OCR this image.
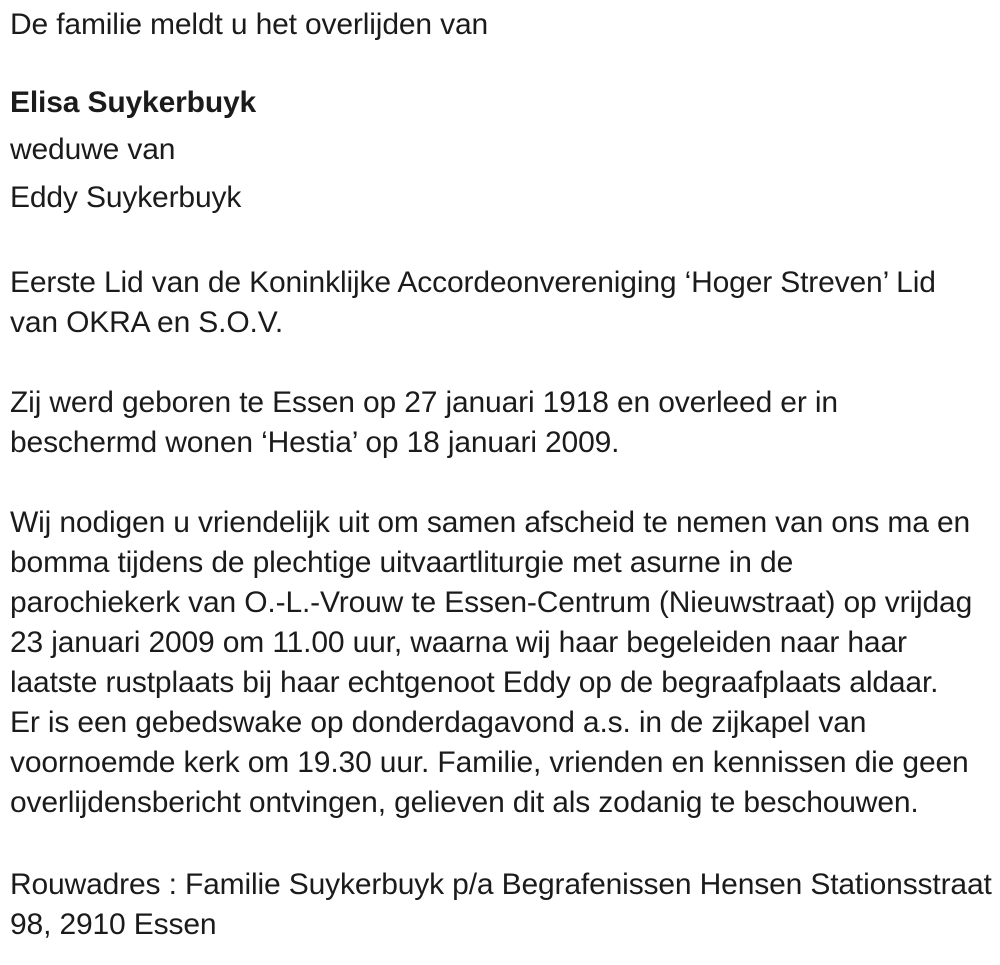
De familie meldt u het overlijden van

Elisa Suykerbuyk

weduwe van

Eddy Suykerbuyk

Eerste Lid van de Koninklijke Accordeonvereniging ‘Hoger Streven’ Lid
van OKRA en S.O.V.

Zij werd geboren te Essen op 27 januari 1918 en overleed er in
beschermd wonen ‘Hestia’ op 18 januari 2009.

Wij nodigen u vriendelijk uit om samen afscheid te nemen van ons ma en
bomma tijdens de plechtige uitvaartliturgie met asurne in de
parochiekerk van O.-L.-Vrouw te Essen-Centrum (Nieuwstraat) op vrijdag
23 januari 2009 om 11.00 uur, waarna wij haar begeleiden naar haar
laatste rustplaats bij haar echtgenoot Eddy op de begraafplaats aldaar.
Er is een gebedswake op donderdagavond a.s. in de zijkapel van
voornoemde kerk om 19.30 uur. Familie, vrienden en kennissen die geen
overlijdensbericht ontvingen, gelieven dit als zodanig te beschouwen.

Rouwadres : Familie Suykerbuyk p/a Begrafenissen Hensen Stationsstraat
98, 2910 Essen
